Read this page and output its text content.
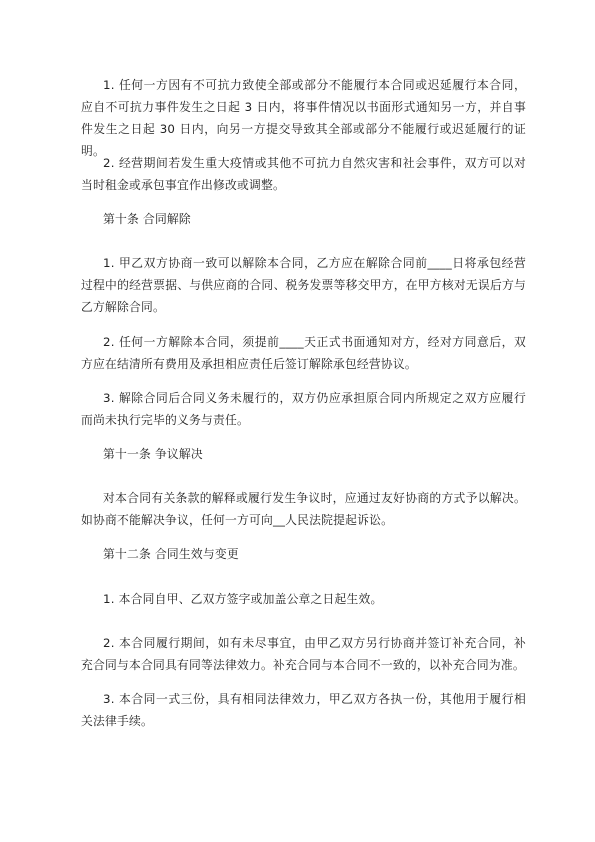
1. 任何一方因有不可抗力致使全部或部分不能履行本合同或迟延履行本合同，应自不可抗力事件发生之日起 3 日内，将事件情况以书面形式通知另一方，并自事件发生之日起 30 日内，向另一方提交导致其全部或部分不能履行或迟延履行的证明。

2. 经营期间若发生重大疫情或其他不可抗力自然灾害和社会事件，双方可以对当时租金或承包事宜作出修改或调整。

第十条 合同解除

1. 甲乙双方协商一致可以解除本合同，乙方应在解除合同前____日将承包经营过程中的经营票据、与供应商的合同、税务发票等移交甲方，在甲方核对无误后方与乙方解除合同。

2. 任何一方解除本合同，须提前____天正式书面通知对方，经对方同意后，双方应在结清所有费用及承担相应责任后签订解除承包经营协议。

3. 解除合同后合同义务未履行的，双方仍应承担原合同内所规定之双方应履行而尚未执行完毕的义务与责任。

第十一条 争议解决

对本合同有关条款的解释或履行发生争议时，应通过友好协商的方式予以解决。如协商不能解决争议，任何一方可向__人民法院提起诉讼。

第十二条 合同生效与变更

1. 本合同自甲、乙双方签字或加盖公章之日起生效。

2. 本合同履行期间，如有未尽事宜，由甲乙双方另行协商并签订补充合同，补充合同与本合同具有同等法律效力。补充合同与本合同不一致的，以补充合同为准。

3. 本合同一式三份，具有相同法律效力，甲乙双方各执一份，其他用于履行相关法律手续。
